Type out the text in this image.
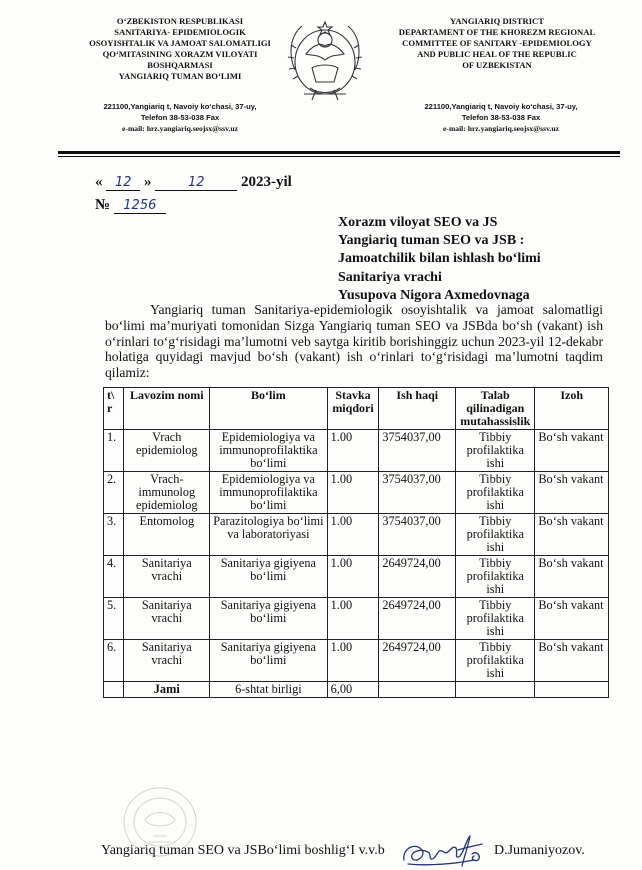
O‘ZBEKISTON RESPUBLIKASI
SANITARIYA- EPIDEMIOLOGIK
OSOYISHTALIK VA JAMOAT SALOMATLIGI
QO‘MITASINING XORAZM VILOYATI
BOSHQARMASI
YANGIARIQ TUMAN BO‘LIMI
YANGIARIQ DISTRICT
DEPARTAMENT OF THE KHOREZM REGIONAL
COMMITTEE OF SANITARY -EPIDEMIOLOGY
AND PUBLIC HEAL OF THE REPUBLIC
OF UZBEKISTAN
221100,Yangiariq t, Navoiy ko‘chasi, 37-uy,
Telefon 38-53-038 Fax
e-mail: hrz.yangiariq.seojsx@ssv.uz
221100,Yangiariq t, Navoiy ko‘chasi, 37-uy,
Telefon 38-53-038 Fax
e-mail: hrz.yangiariq.seojsx@ssv.uz
« 12 »	12 2023-yil
№ 1256
Xorazm viloyat SEO va JS
Yangiariq tuman SEO va JSB :
Jamoatchilik bilan ishlash bo‘limi
Sanitariya vrachi
Yusupova Nigora Axmedovnaga
Yangiariq tuman Sanitariya-epidemiologik osoyishtalik va jamoat salomatligi bo‘limi ma’muriyati tomonidan Sizga Yangiariq tuman SEO va JSBda bo‘sh (vakant) ish o‘rinlari to‘g‘risidagi ma’lumotni veb saytga kiritib borishinggiz uchun 2023-yil 12-dekabr holatiga quyidagi mavjud bo‘sh (vakant) ish o‘rinlari to‘g‘risidagi ma’lumotni taqdim qilamiz:
t\ r	Lavozim nomi	Bo‘lim	Stavka miqdori	Ish haqi	Talab qilinadigan mutahassislik	Izoh
1.	Vrach epidemiolog	Epidemiologiya va immunoprofilaktika bo‘limi	1.00	3754037,00	Tibbiy profilaktika ishi	Bo‘sh vakant
2.	Vrach-immunolog epidemiolog	Epidemiologiya va immunoprofilaktika bo‘limi	1.00	3754037,00	Tibbiy profilaktika ishi	Bo‘sh vakant
3.	Entomolog	Parazitologiya bo‘limi va laboratoriyasi	1.00	3754037,00	Tibbiy profilaktika ishi	Bo‘sh vakant
4.	Sanitariya vrachi	Sanitariya gigiyena bo‘limi	1.00	2649724,00	Tibbiy profilaktika ishi	Bo‘sh vakant
5.	Sanitariya vrachi	Sanitariya gigiyena bo‘limi	1.00	2649724,00	Tibbiy profilaktika ishi	Bo‘sh vakant
6.	Sanitariya vrachi	Sanitariya gigiyena bo‘limi	1.00	2649724,00	Tibbiy profilaktika ishi	Bo‘sh vakant
	Jami	6-shtat birligi	6,00			
Yangiariq tuman SEO va JSBo‘limi boshlig‘I v.v.b	D.Jumaniyozov.
